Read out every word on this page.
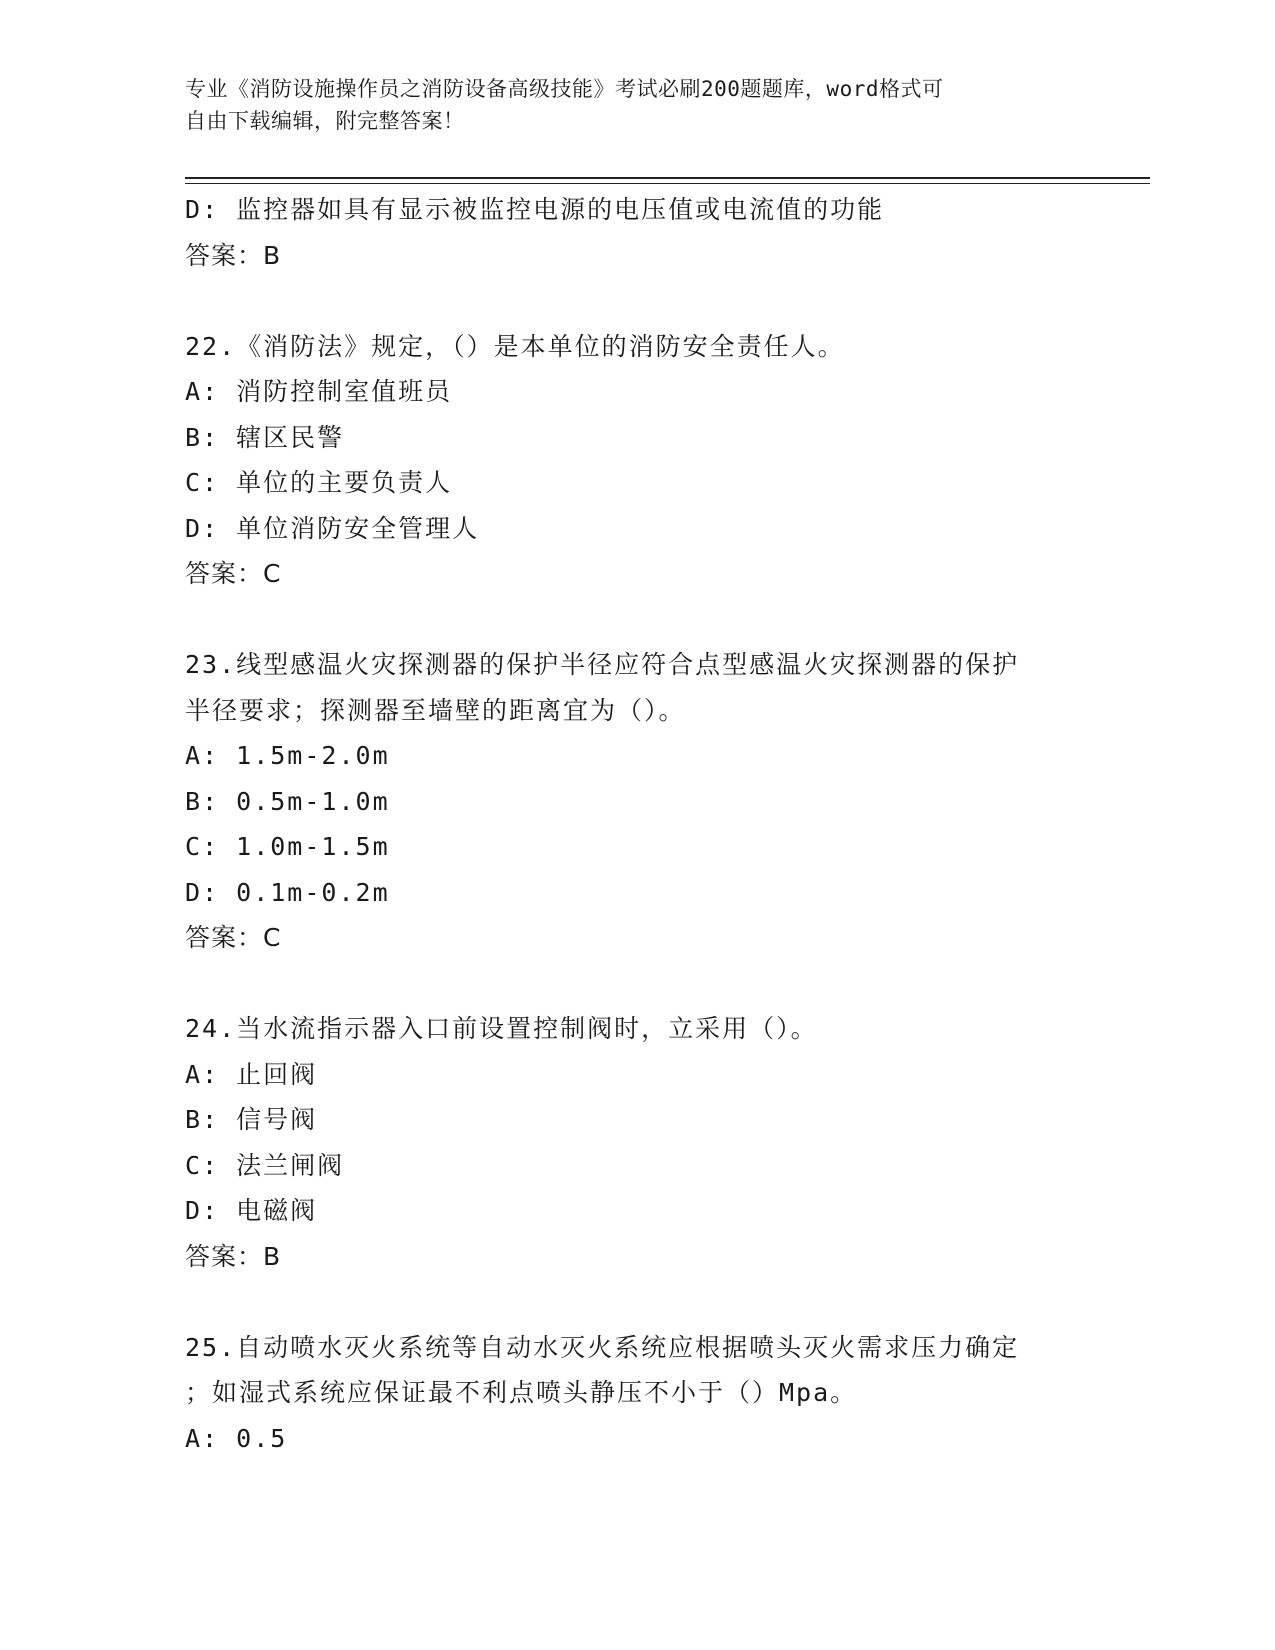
专业《消防设施操作员之消防设备高级技能》考试必刷200题题库，word格式可
自由下载编辑，附完整答案！
D: 监控器如具有显示被监控电源的电压值或电流值的功能
答案：B
22.《消防法》规定，（）是本单位的消防安全责任人。
A: 消防控制室值班员
B: 辖区民警
C: 单位的主要负责人
D: 单位消防安全管理人
答案：C
23.线型感温火灾探测器的保护半径应符合点型感温火灾探测器的保护
半径要求；探测器至墙壁的距离宜为（）。
A: 1.5m-2.0m
B: 0.5m-1.0m
C: 1.0m-1.5m
D: 0.1m-0.2m
答案：C
24.当水流指示器入口前设置控制阀时，立采用（）。
A: 止回阀
B: 信号阀
C: 法兰闸阀
D: 电磁阀
答案：B
25.自动喷水灭火系统等自动水灭火系统应根据喷头灭火需求压力确定
；如湿式系统应保证最不利点喷头静压不小于（）Mpa。
A: 0.5
